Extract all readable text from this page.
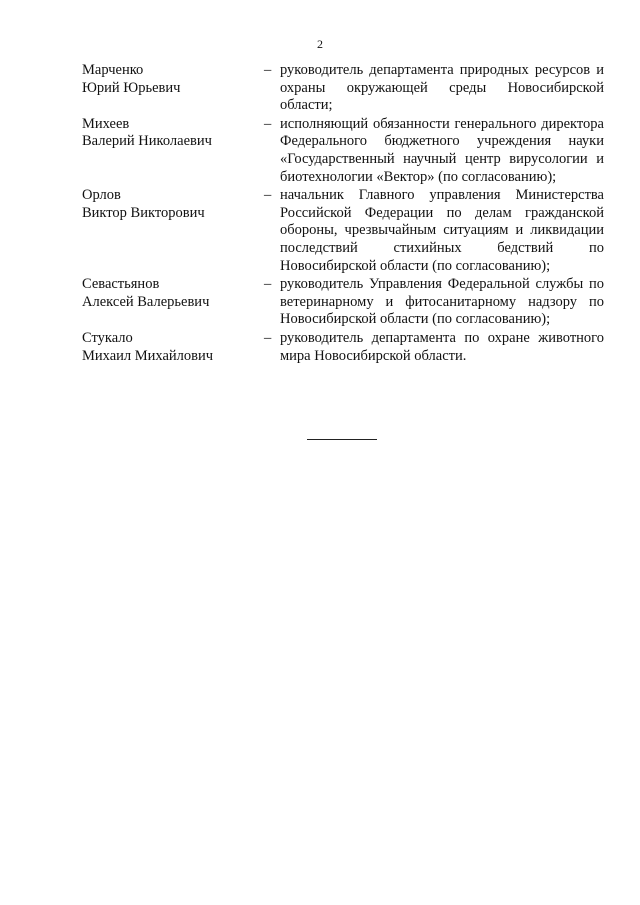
2
Марченко
Юрий Юрьевич
– руководитель департамента природных ресурсов и охраны окружающей среды Новосибирской области;
Михеев
Валерий Николаевич
– исполняющий обязанности генерального директора Федерального бюджетного учреждения науки «Государственный научный центр вирусологии и биотехнологии «Вектор» (по согласованию);
Орлов
Виктор Викторович
– начальник Главного управления Министерства Российской Федерации по делам гражданской обороны, чрезвычайным ситуациям и ликвидации последствий стихийных бедствий по Новосибирской области (по согласованию);
Севастьянов
Алексей Валерьевич
– руководитель Управления Федеральной службы по ветеринарному и фитосанитарному надзору по Новосибирской области (по согласованию);
Стукало
Михаил Михайлович
– руководитель департамента по охране животного мира Новосибирской области.
